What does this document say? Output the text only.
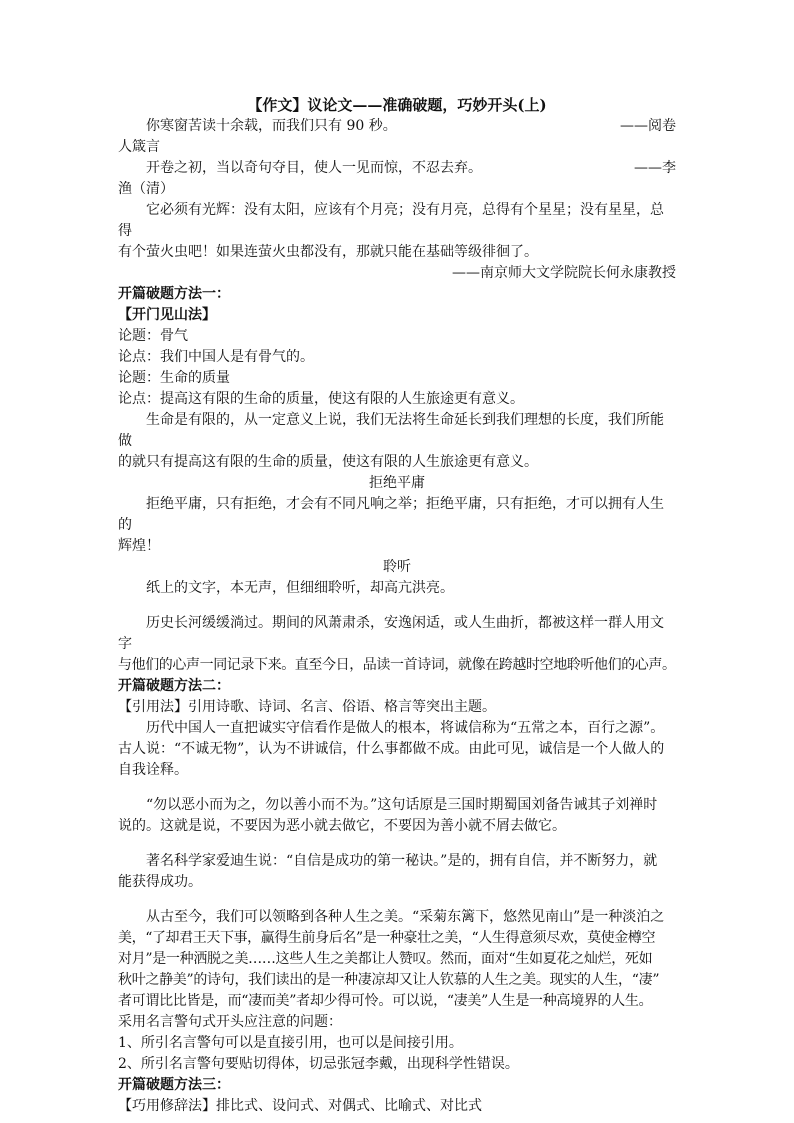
【作文】议论文——准确破题，巧妙开头(上)

你寒窗苦读十余载，而我们只有 90 秒。	——阅卷

人箴言

开卷之初，当以奇句夺目，使人一见而惊，不忍去弃。	——李

渔（清）

它必须有光辉：没有太阳，应该有个月亮；没有月亮，总得有个星星；没有星星，总得

有个萤火虫吧！如果连萤火虫都没有，那就只能在基础等级徘徊了。

——南京师大文学院院长何永康教授

开篇破题方法一：

【开门见山法】

论题：骨气

论点：我们中国人是有骨气的。

论题：生命的质量

论点：提高这有限的生命的质量，使这有限的人生旅途更有意义。

生命是有限的，从一定意义上说，我们无法将生命延长到我们理想的长度，我们所能做

的就只有提高这有限的生命的质量，使这有限的人生旅途更有意义。

拒绝平庸

拒绝平庸，只有拒绝，才会有不同凡响之举；拒绝平庸，只有拒绝，才可以拥有人生的

辉煌！

聆听

纸上的文字，本无声，但细细聆听，却高亢洪亮。

历史长河缓缓淌过。期间的风萧肃杀，安逸闲适，或人生曲折，都被这样一群人用文字

与他们的心声一同记录下来。直至今日，品读一首诗词，就像在跨越时空地聆听他们的心声。

开篇破题方法二：

【引用法】引用诗歌、诗词、名言、俗语、格言等突出主题。

历代中国人一直把诚实守信看作是做人的根本，将诚信称为“五常之本，百行之源”。

古人说：“不诚无物”，认为不讲诚信，什么事都做不成。由此可见，诚信是一个人做人的

自我诠释。

“勿以恶小而为之，勿以善小而不为。”这句话原是三国时期蜀国刘备告诫其子刘禅时

说的。这就是说，不要因为恶小就去做它，不要因为善小就不屑去做它。

著名科学家爱迪生说：“自信是成功的第一秘诀。”是的，拥有自信，并不断努力，就

能获得成功。

从古至今，我们可以领略到各种人生之美。“采菊东篱下，悠然见南山”是一种淡泊之

美，“了却君王天下事，赢得生前身后名”是一种豪壮之美，“人生得意须尽欢，莫使金樽空

对月”是一种洒脱之美……这些人生之美都让人赞叹。然而，面对“生如夏花之灿烂，死如

秋叶之静美”的诗句，我们读出的是一种凄凉却又让人钦慕的人生之美。现实的人生，“凄”

者可谓比比皆是，而“凄而美”者却少得可怜。可以说，“凄美”人生是一种高境界的人生。

采用名言警句式开头应注意的问题：

1、所引名言警句可以是直接引用，也可以是间接引用。

2、所引名言警句要贴切得体，切忌张冠李戴，出现科学性错误。

开篇破题方法三：

【巧用修辞法】排比式、设问式、对偶式、比喻式、对比式
